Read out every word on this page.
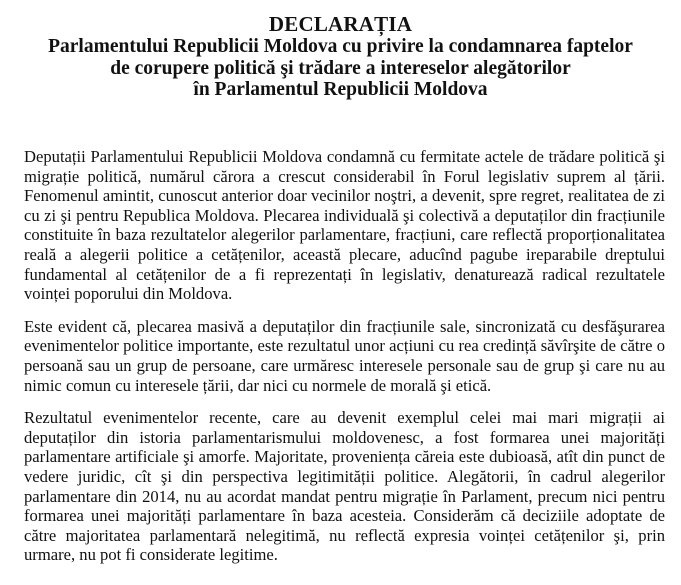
DECLARAȚIA
Parlamentului Republicii Moldova cu privire la condamnarea faptelor
de corupere politică şi trădare a intereselor alegătorilor
în Parlamentul Republicii Moldova

Deputații Parlamentului Republicii Moldova condamnă cu fermitate actele de trădare politică şi migrație politică, numărul cărora a crescut considerabil în Forul legislativ suprem al țării. Fenomenul amintit, cunoscut anterior doar vecinilor noştri, a devenit, spre regret, realitatea de zi cu zi şi pentru Republica Moldova. Plecarea individuală şi colectivă a deputaților din fracțiunile constituite în baza rezultatelor alegerilor parlamentare, fracțiuni, care reflectă proporționalitatea reală a alegerii politice a cetățenilor, această plecare, aducînd pagube ireparabile dreptului fundamental al cetățenilor de a fi reprezentați în legislativ, denaturează radical rezultatele voinței poporului din Moldova.

Este evident că, plecarea masivă a deputaților din fracțiunile sale, sincronizată cu desfăşurarea evenimentelor politice importante, este rezultatul unor acțiuni cu rea credință săvîrşite de către o persoană sau un grup de persoane, care urmăresc interesele personale sau de grup şi care nu au nimic comun cu interesele țării, dar nici cu normele de morală şi etică.

Rezultatul evenimentelor recente, care au devenit exemplul celei mai mari migrații ai deputaților din istoria parlamentarismului moldovenesc, a fost formarea unei majorități parlamentare artificiale şi amorfe. Majoritate, proveniența căreia este dubioasă, atît din punct de vedere juridic, cît şi din perspectiva legitimității politice. Alegătorii, în cadrul alegerilor parlamentare din 2014, nu au acordat mandat pentru migrație în Parlament, precum nici pentru formarea unei majorități parlamentare în baza acesteia. Considerăm că deciziile adoptate de către majoritatea parlamentară nelegitimă, nu reflectă expresia voinței cetățenilor şi, prin urmare, nu pot fi considerate legitime.
